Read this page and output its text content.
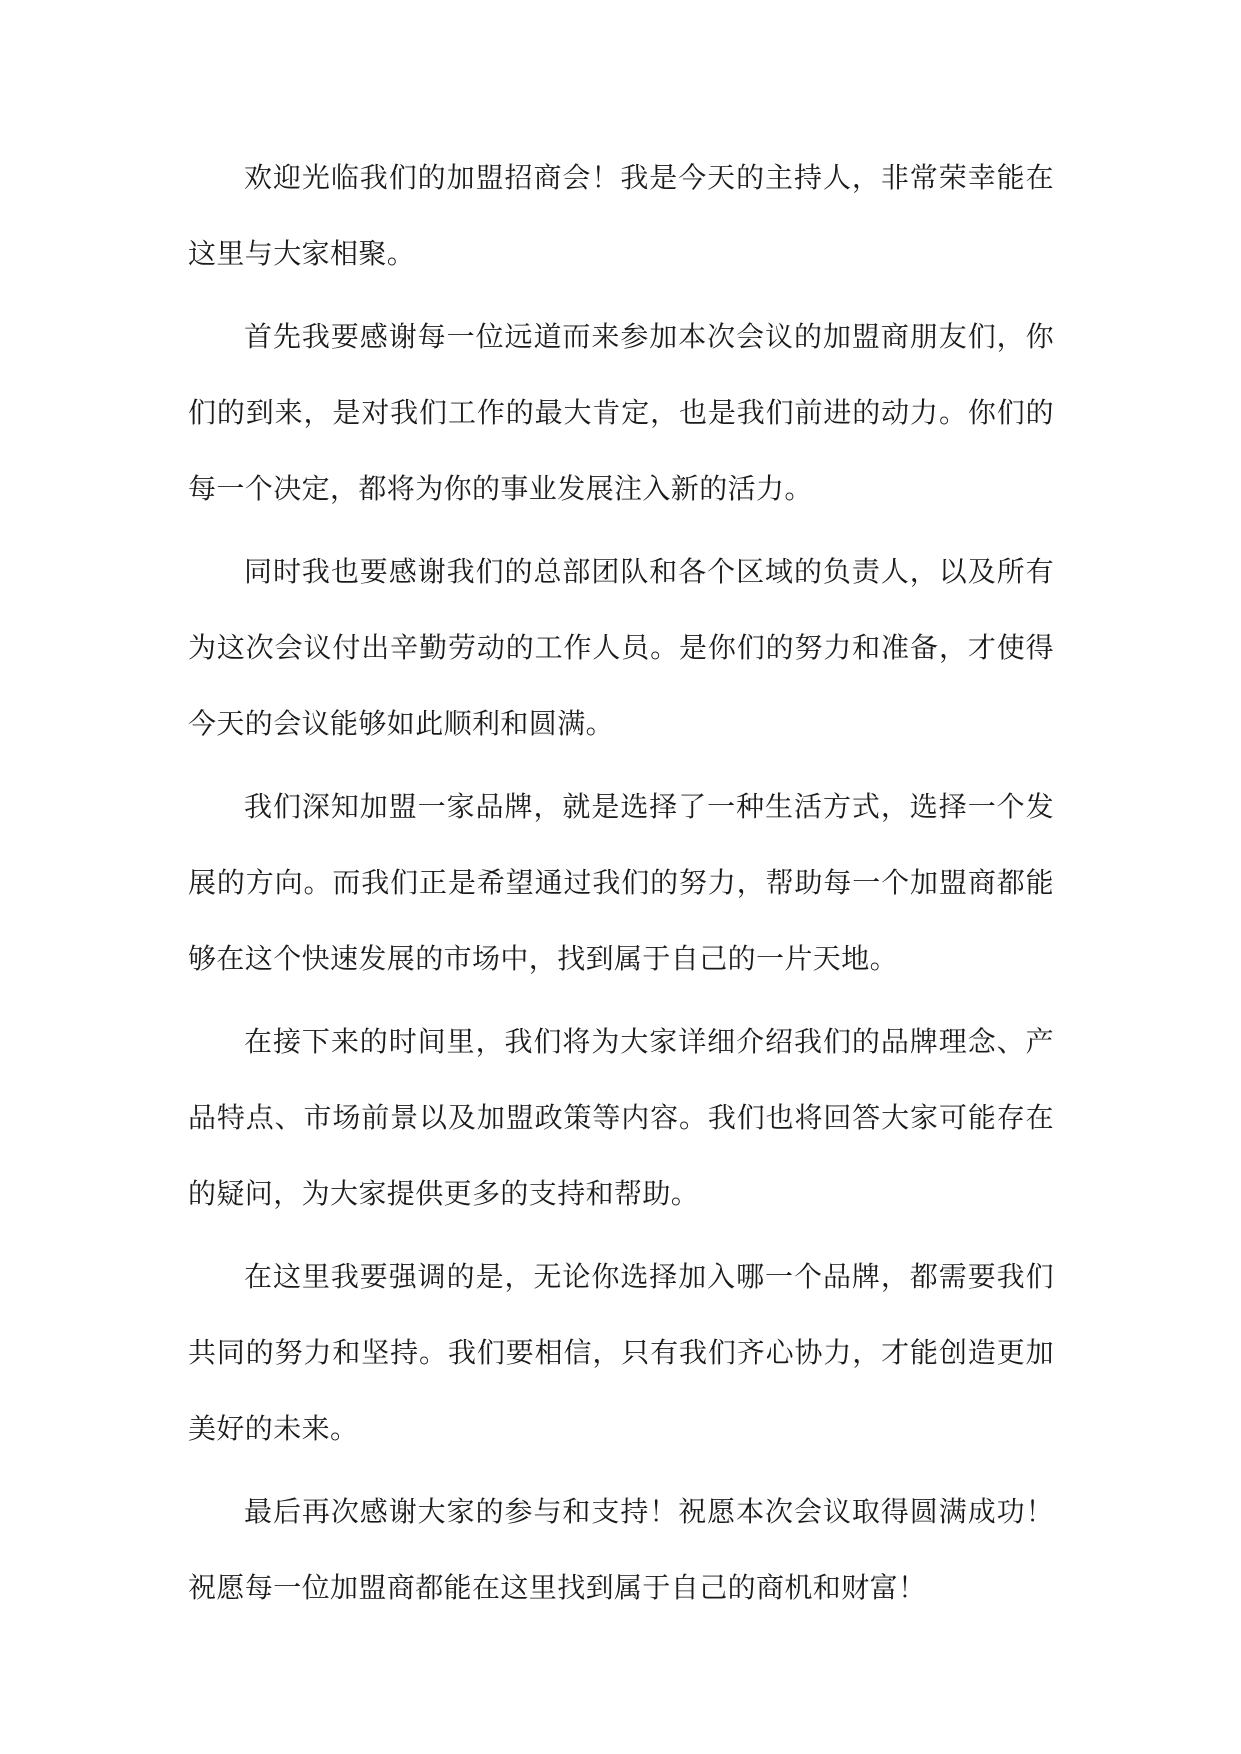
欢迎光临我们的加盟招商会！我是今天的主持人，非常荣幸能在这里与大家相聚。

首先我要感谢每一位远道而来参加本次会议的加盟商朋友们，你们的到来，是对我们工作的最大肯定，也是我们前进的动力。你们的每一个决定，都将为你的事业发展注入新的活力。

同时我也要感谢我们的总部团队和各个区域的负责人，以及所有为这次会议付出辛勤劳动的工作人员。是你们的努力和准备，才使得今天的会议能够如此顺利和圆满。

我们深知加盟一家品牌，就是选择了一种生活方式，选择一个发展的方向。而我们正是希望通过我们的努力，帮助每一个加盟商都能够在这个快速发展的市场中，找到属于自己的一片天地。

在接下来的时间里，我们将为大家详细介绍我们的品牌理念、产品特点、市场前景以及加盟政策等内容。我们也将回答大家可能存在的疑问，为大家提供更多的支持和帮助。

在这里我要强调的是，无论你选择加入哪一个品牌，都需要我们共同的努力和坚持。我们要相信，只有我们齐心协力，才能创造更加美好的未来。

最后再次感谢大家的参与和支持！祝愿本次会议取得圆满成功！祝愿每一位加盟商都能在这里找到属于自己的商机和财富！
